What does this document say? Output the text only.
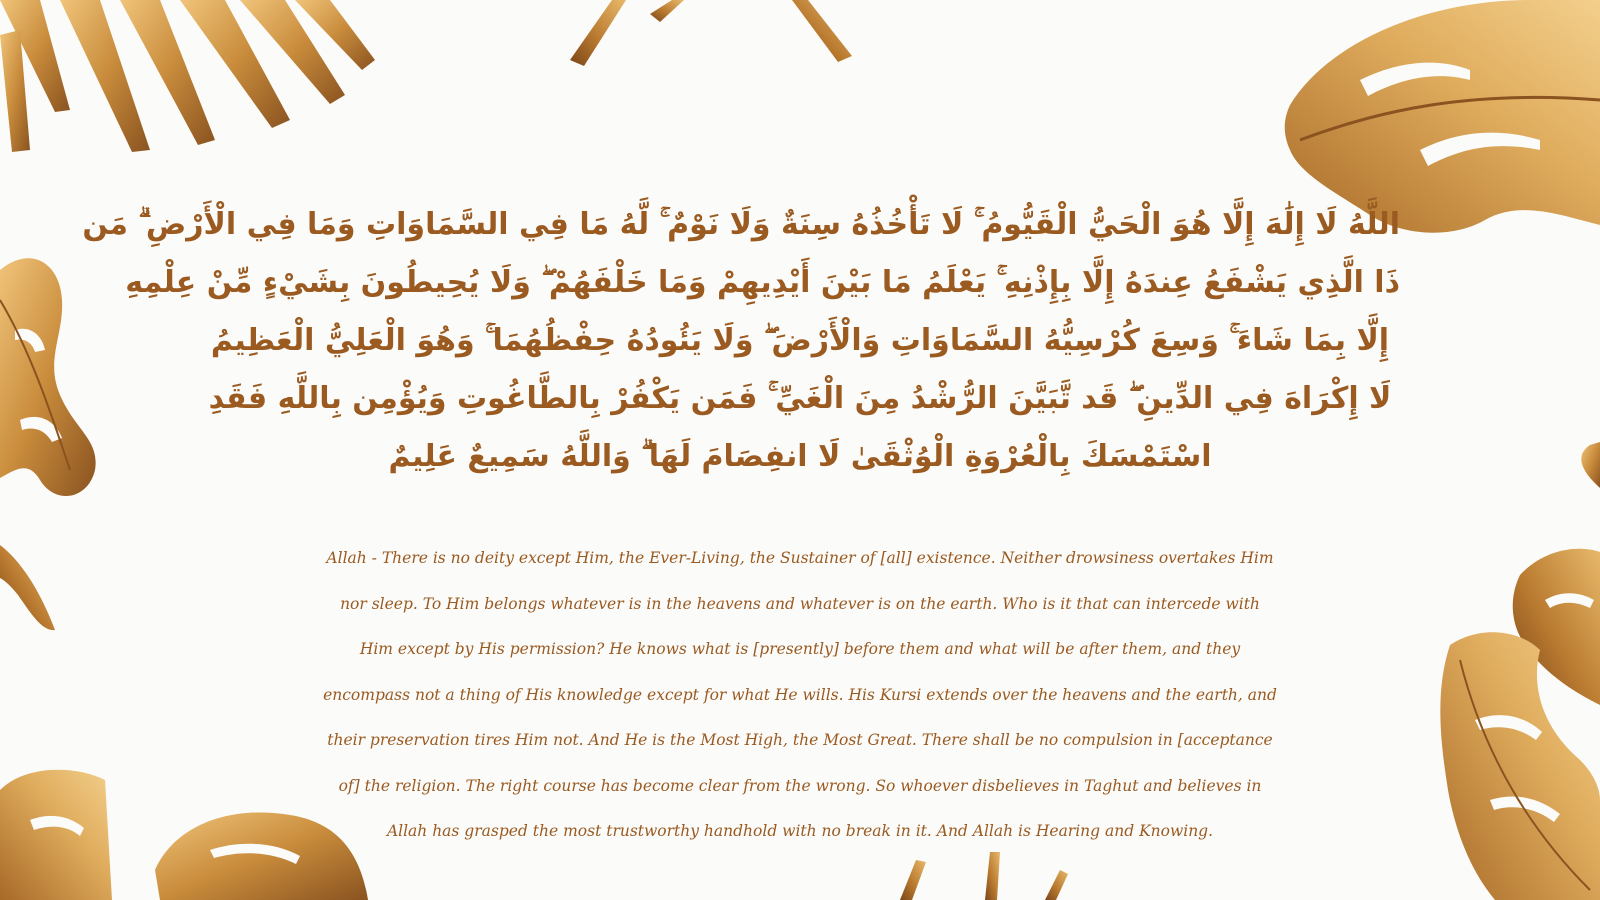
اللَّهُ لَا إِلَٰهَ إِلَّا هُوَ الْحَيُّ الْقَيُّومُ ۚ لَا تَأْخُذُهُ سِنَةٌ وَلَا نَوْمٌ ۚ لَّهُ مَا فِي السَّمَاوَاتِ وَمَا فِي الْأَرْضِ ۗ مَن
ذَا الَّذِي يَشْفَعُ عِندَهُ إِلَّا بِإِذْنِهِ ۚ يَعْلَمُ مَا بَيْنَ أَيْدِيهِمْ وَمَا خَلْفَهُمْ ۖ وَلَا يُحِيطُونَ بِشَيْءٍ مِّنْ عِلْمِهِ
إِلَّا بِمَا شَاءَ ۚ وَسِعَ كُرْسِيُّهُ السَّمَاوَاتِ وَالْأَرْضَ ۖ وَلَا يَئُودُهُ حِفْظُهُمَا ۚ وَهُوَ الْعَلِيُّ الْعَظِيمُ
لَا إِكْرَاهَ فِي الدِّينِ ۖ قَد تَّبَيَّنَ الرُّشْدُ مِنَ الْغَيِّ ۚ فَمَن يَكْفُرْ بِالطَّاغُوتِ وَيُؤْمِن بِاللَّهِ فَقَدِ
اسْتَمْسَكَ بِالْعُرْوَةِ الْوُثْقَىٰ لَا انفِصَامَ لَهَا ۗ وَاللَّهُ سَمِيعٌ عَلِيمٌ
Allah - There is no deity except Him, the Ever-Living, the Sustainer of [all] existence. Neither drowsiness overtakes Him
nor sleep. To Him belongs whatever is in the heavens and whatever is on the earth. Who is it that can intercede with
Him except by His permission? He knows what is [presently] before them and what will be after them, and they
encompass not a thing of His knowledge except for what He wills. His Kursi extends over the heavens and the earth, and
their preservation tires Him not. And He is the Most High, the Most Great. There shall be no compulsion in [acceptance
of] the religion. The right course has become clear from the wrong. So whoever disbelieves in Taghut and believes in
Allah has grasped the most trustworthy handhold with no break in it. And Allah is Hearing and Knowing.
